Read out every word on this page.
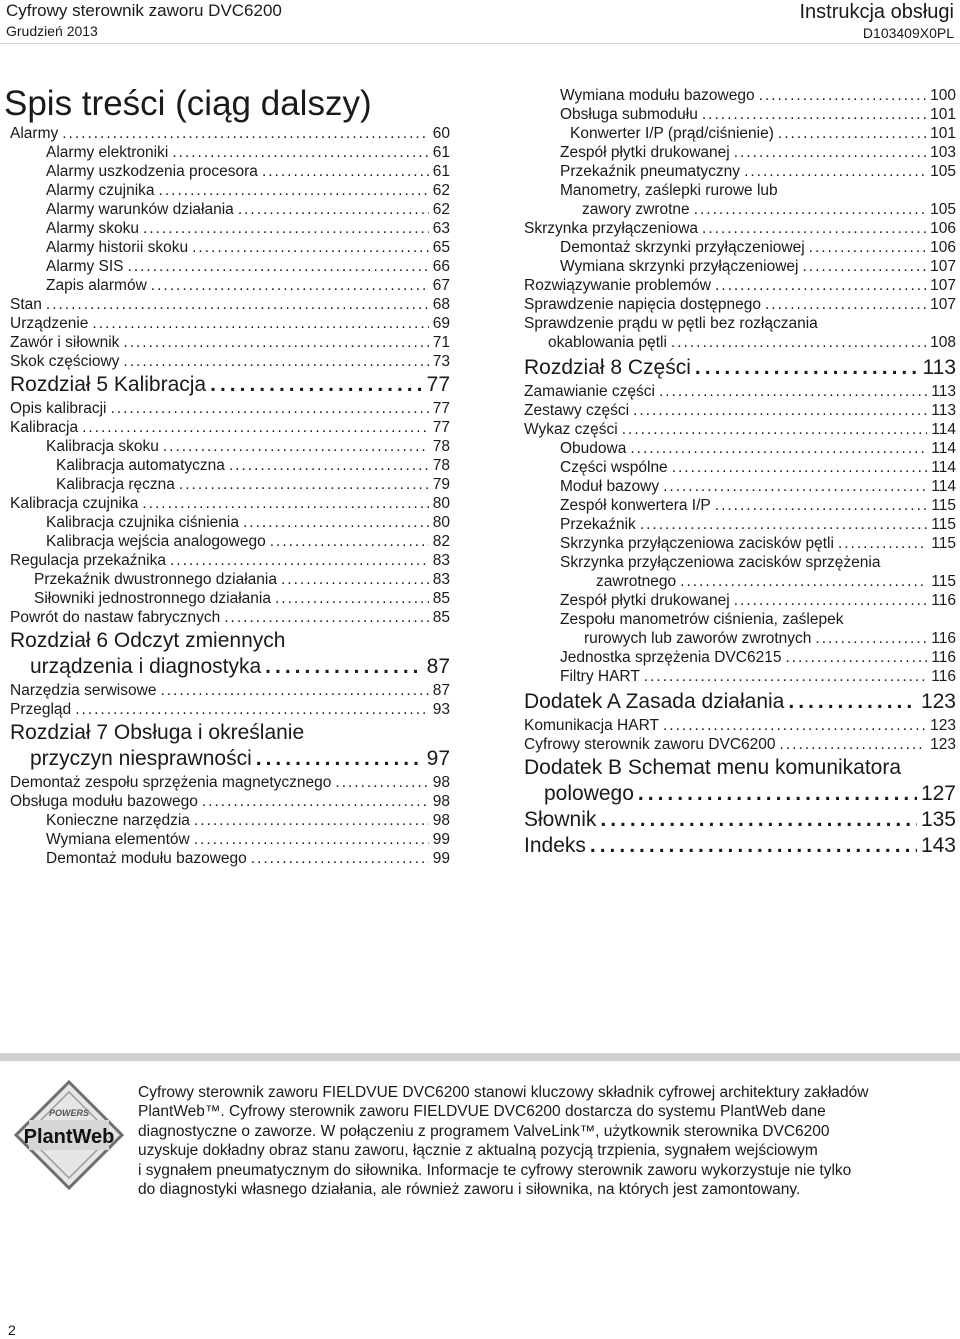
Cyfrowy sterownik zaworu DVC6200
Grudzień 2013
Instrukcja obsługi
D103409X0PL
Spis treści (ciąg dalszy)
Alarmy .....	60
Alarmy elektroniki .....	61
Alarmy uszkodzenia procesora .....	61
Alarmy czujnika .....	62
Alarmy warunków działania .....	62
Alarmy skoku .....	63
Alarmy historii skoku .....	65
Alarmy SIS .....	66
Zapis alarmów .....	67
Stan .....	68
Urządzenie .....	69
Zawór i siłownik .....	71
Skok częściowy .....	73
Rozdział 5 Kalibracja .....	77
Opis kalibracji .....	77
Kalibracja .....	77
Kalibracja skoku .....	78
Kalibracja automatyczna .....	78
Kalibracja ręczna .....	79
Kalibracja czujnika .....	80
Kalibracja czujnika ciśnienia .....	80
Kalibracja wejścia analogowego .....	82
Regulacja przekaźnika .....	83
Przekaźnik dwustronnego działania .....	83
Siłowniki jednostronnego działania .....	85
Powrót do nastaw fabrycznych .....	85
Rozdział 6 Odczyt zmiennych
urządzenia i diagnostyka .....	87
Narzędzia serwisowe .....	87
Przegląd .....	93
Rozdział 7 Obsługa i określanie
przyczyn niesprawności .....	97
Demontaż zespołu sprzężenia magnetycznego .....	98
Obsługa modułu bazowego .....	98
Konieczne narzędzia .....	98
Wymiana elementów .....	99
Demontaż modułu bazowego .....	99
Wymiana modułu bazowego .....	100
Obsługa submodułu .....	101
Konwerter I/P (prąd/ciśnienie) .....	101
Zespół płytki drukowanej .....	103
Przekaźnik pneumatyczny .....	105
Manometry, zaślepki rurowe lub
zawory zwrotne .....	105
Skrzynka przyłączeniowa .....	106
Demontaż skrzynki przyłączeniowej .....	106
Wymiana skrzynki przyłączeniowej .....	107
Rozwiązywanie problemów .....	107
Sprawdzenie napięcia dostępnego .....	107
Sprawdzenie prądu w pętli bez rozłączania
okablowania pętli .....	108
Rozdział 8 Części .....	113
Zamawianie części .....	113
Zestawy części .....	113
Wykaz części .....	114
Obudowa .....	114
Części wspólne .....	114
Moduł bazowy .....	114
Zespół konwertera I/P .....	115
Przekaźnik .....	115
Skrzynka przyłączeniowa zacisków pętli .....	115
Skrzynka przyłączeniowa zacisków sprzężenia
zawrotnego .....	115
Zespół płytki drukowanej .....	116
Zespołu manometrów ciśnienia, zaślepek
rurowych lub zaworów zwrotnych .....	116
Jednostka sprzężenia DVC6215 .....	116
Filtry HART .....	116
Dodatek A Zasada działania .....	123
Komunikacja HART .....	123
Cyfrowy sterownik zaworu DVC6200 .....	123
Dodatek B Schemat menu komunikatora
polowego .....	127
Słownik .....	135
Indeks .....	143
POWERS
PlantWeb

Cyfrowy sterownik zaworu FIELDVUE DVC6200 stanowi kluczowy składnik cyfrowej architektury zakładów
PlantWeb™. Cyfrowy sterownik zaworu FIELDVUE DVC6200 dostarcza do systemu PlantWeb dane
diagnostyczne o zaworze. W połączeniu z programem ValveLink™, użytkownik sterownika DVC6200
uzyskuje dokładny obraz stanu zaworu, łącznie z aktualną pozycją trzpienia, sygnałem wejściowym
i sygnałem pneumatycznym do siłownika. Informacje te cyfrowy sterownik zaworu wykorzystuje nie tylko
do diagnostyki własnego działania, ale również zaworu i siłownika, na których jest zamontowany.

2
